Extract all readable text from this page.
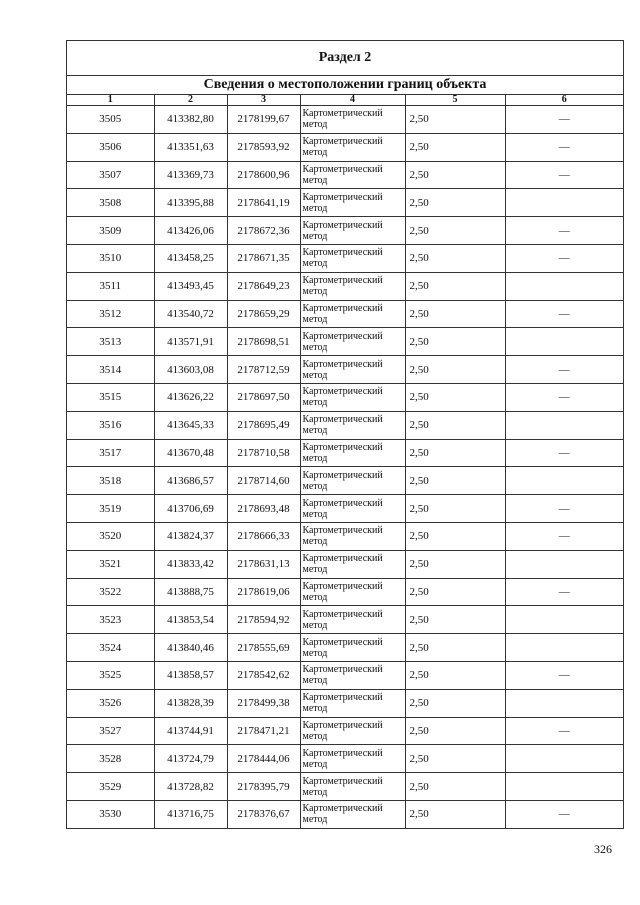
Раздел 2
Сведения о местоположении границ объекта
1	2	3	4	5	6
3505	413382,80	2178199,67	Картометрический метод	2,50	—
3506	413351,63	2178593,92	Картометрический метод	2,50	—
3507	413369,73	2178600,96	Картометрический метод	2,50	—
3508	413395,88	2178641,19	Картометрический метод	2,50	
3509	413426,06	2178672,36	Картометрический метод	2,50	—
3510	413458,25	2178671,35	Картометрический метод	2,50	—
3511	413493,45	2178649,23	Картометрический метод	2,50	
3512	413540,72	2178659,29	Картометрический метод	2,50	—
3513	413571,91	2178698,51	Картометрический метод	2,50	
3514	413603,08	2178712,59	Картометрический метод	2,50	—
3515	413626,22	2178697,50	Картометрический метод	2,50	—
3516	413645,33	2178695,49	Картометрический метод	2,50	
3517	413670,48	2178710,58	Картометрический метод	2,50	—
3518	413686,57	2178714,60	Картометрический метод	2,50	
3519	413706,69	2178693,48	Картометрический метод	2,50	—
3520	413824,37	2178666,33	Картометрический метод	2,50	—
3521	413833,42	2178631,13	Картометрический метод	2,50	
3522	413888,75	2178619,06	Картометрический метод	2,50	—
3523	413853,54	2178594,92	Картометрический метод	2,50	
3524	413840,46	2178555,69	Картометрический метод	2,50	
3525	413858,57	2178542,62	Картометрический метод	2,50	—
3526	413828,39	2178499,38	Картометрический метод	2,50	
3527	413744,91	2178471,21	Картометрический метод	2,50	—
3528	413724,79	2178444,06	Картометрический метод	2,50	
3529	413728,82	2178395,79	Картометрический метод	2,50	
3530	413716,75	2178376,67	Картометрический метод	2,50	—
326
